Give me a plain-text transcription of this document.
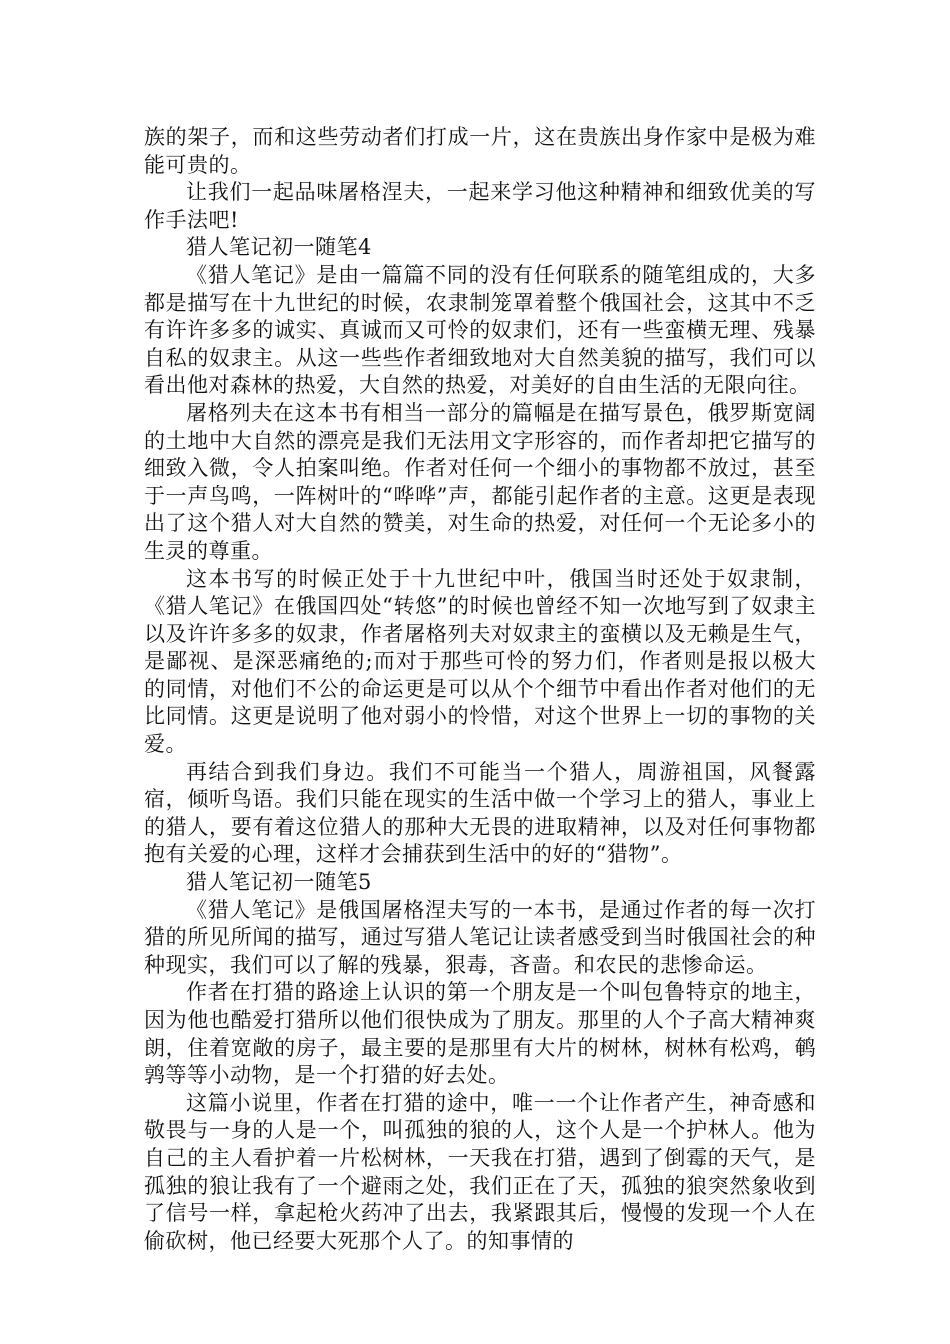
族的架子，而和这些劳动者们打成一片，这在贵族出身作家中是极为难能可贵的。

让我们一起品味屠格涅夫，一起来学习他这种精神和细致优美的写作手法吧!

猎人笔记初一随笔4

《猎人笔记》是由一篇篇不同的没有任何联系的随笔组成的，大多都是描写在十九世纪的时候，农隶制笼罩着整个俄国社会，这其中不乏有许许多多的诚实、真诚而又可怜的奴隶们，还有一些蛮横无理、残暴自私的奴隶主。从这一些些作者细致地对大自然美貌的描写，我们可以看出他对森林的热爱，大自然的热爱，对美好的自由生活的无限向往。

屠格列夫在这本书有相当一部分的篇幅是在描写景色，俄罗斯宽阔的土地中大自然的漂亮是我们无法用文字形容的，而作者却把它描写的细致入微，令人拍案叫绝。作者对任何一个细小的事物都不放过，甚至于一声鸟鸣，一阵树叶的“哗哗”声，都能引起作者的主意。这更是表现出了这个猎人对大自然的赞美，对生命的热爱，对任何一个无论多小的生灵的尊重。

这本书写的时候正处于十九世纪中叶，俄国当时还处于奴隶制，《猎人笔记》在俄国四处“转悠”的时候也曾经不知一次地写到了奴隶主以及许许多多的奴隶，作者屠格列夫对奴隶主的蛮横以及无赖是生气，是鄙视、是深恶痛绝的;而对于那些可怜的努力们，作者则是报以极大的同情，对他们不公的命运更是可以从个个细节中看出作者对他们的无比同情。这更是说明了他对弱小的怜惜，对这个世界上一切的事物的关爱。

再结合到我们身边。我们不可能当一个猎人，周游祖国，风餐露宿，倾听鸟语。我们只能在现实的生活中做一个学习上的猎人，事业上的猎人，要有着这位猎人的那种大无畏的进取精神，以及对任何事物都抱有关爱的心理，这样才会捕获到生活中的好的“猎物”。

猎人笔记初一随笔5

《猎人笔记》是俄国屠格涅夫写的一本书，是通过作者的每一次打猎的所见所闻的描写，通过写猎人笔记让读者感受到当时俄国社会的种种现实，我们可以了解的残暴，狠毒，吝啬。和农民的悲惨命运。

作者在打猎的路途上认识的第一个朋友是一个叫包鲁特京的地主，因为他也酷爱打猎所以他们很快成为了朋友。那里的人个子高大精神爽朗，住着宽敞的房子，最主要的是那里有大片的树林，树林有松鸡，鹌鹑等等小动物，是一个打猎的好去处。

这篇小说里，作者在打猎的途中，唯一一个让作者产生，神奇感和敬畏与一身的人是一个，叫孤独的狼的人，这个人是一个护林人。他为自己的主人看护着一片松树林，一天我在打猎，遇到了倒霉的天气，是孤独的狼让我有了一个避雨之处，我们正在了天，孤独的狼突然象收到了信号一样，拿起枪火药冲了出去，我紧跟其后，慢慢的发现一个人在偷砍树，他已经要大死那个人了。的知事情的
